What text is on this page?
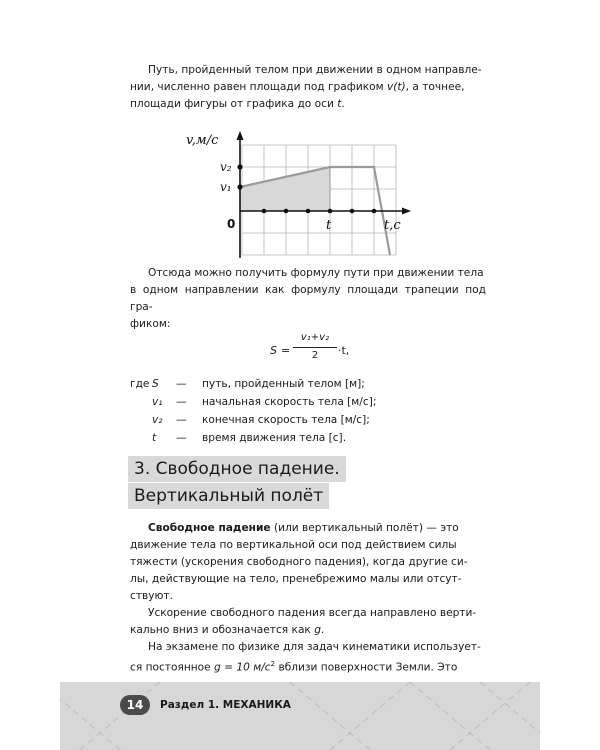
Путь, пройденный телом при движении в одном направле-
нии, численно равен площади под графиком v(t), а точнее,
площади фигуры от графика до оси t.

v,м/с
v₂
v₁
0	t	t,с

Отсюда можно получить формулу пути при движении тела
в одном направлении как формулу площади трапеции под гра-
фиком:

S =
v₁+v₂
2	·t,
где S	— путь, пройденный телом [м];
v₁	— начальная скорость тела [м/с];
v₂	— конечная скорость тела [м/с];
t	— время движения тела [с].
3. Свободное падение.
Вертикальный полёт

Свободное падение (или вертикальный полёт) — это
движение тела по вертикальной оси под действием силы
тяжести (ускорения свободного падения), когда другие си-
лы, действующие на тело, пренебрежимо малы или отсут-
ствуют.

Ускорение свободного падения всегда направлено верти-
кально вниз и обозначается как g.

На экзамене по физике для задач кинематики использует-
ся постоянное g = 10 $м/с^2$ вблизи поверхности Земли. Это

14	Раздел 1. МЕХАНИКА
